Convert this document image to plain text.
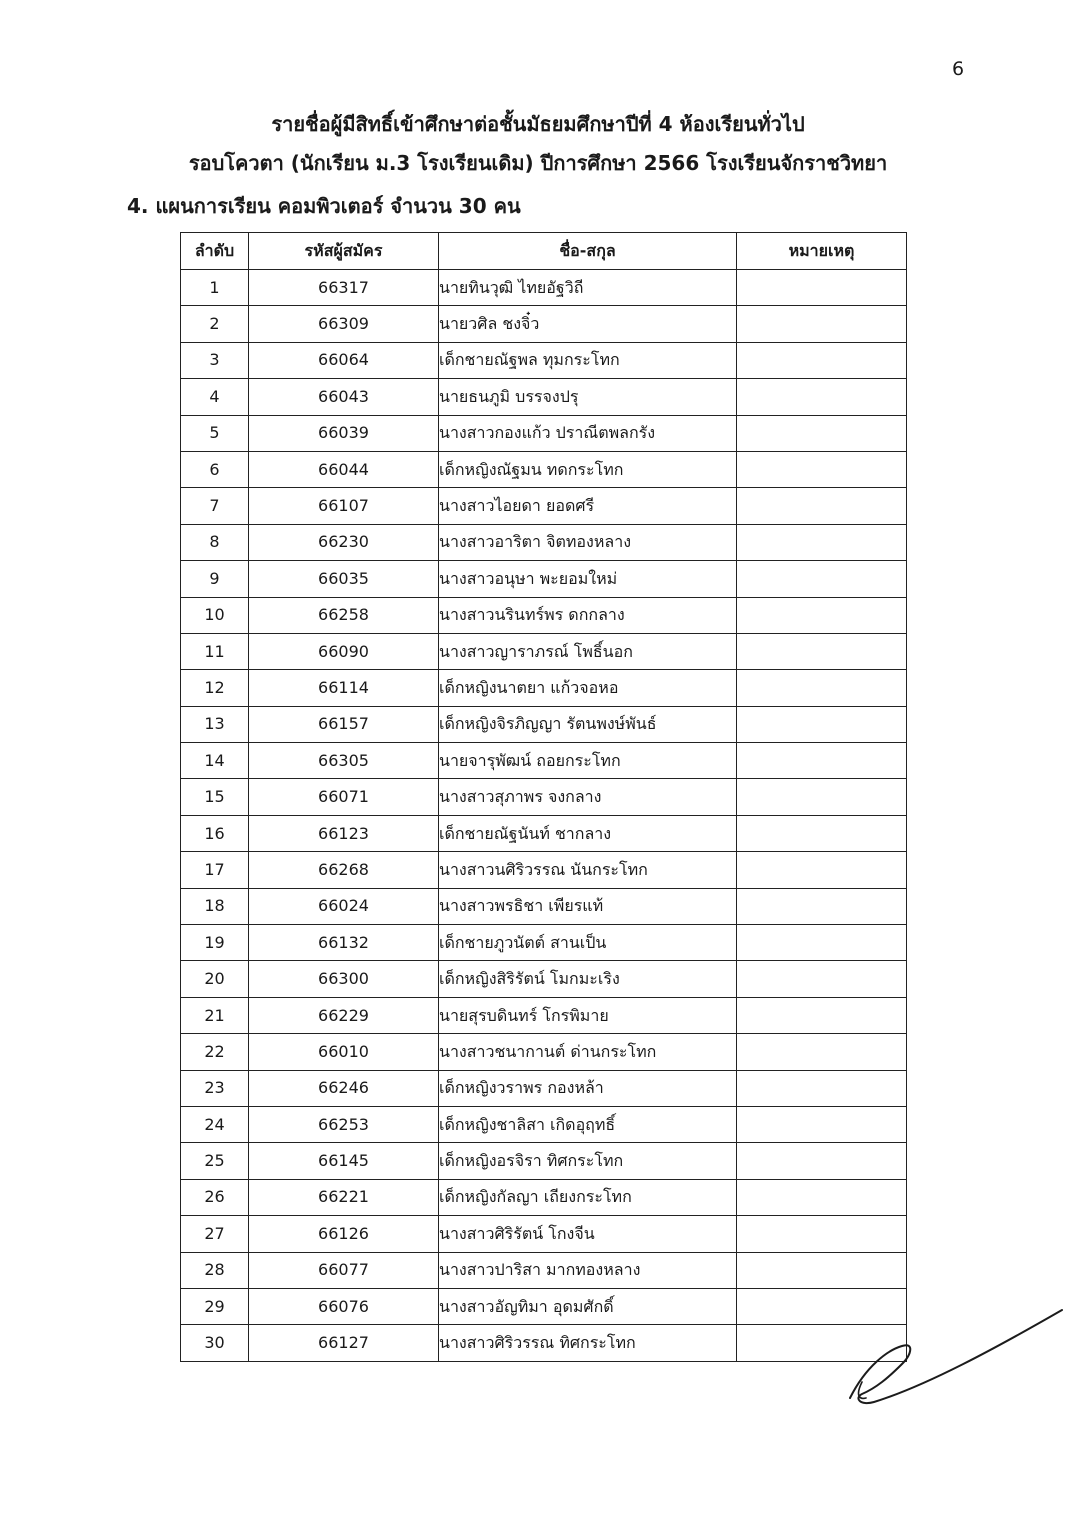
6
รายชื่อผู้มีสิทธิ์เข้าศึกษาต่อชั้นมัธยมศึกษาปีที่ 4 ห้องเรียนทั่วไป
รอบโควตา (นักเรียน ม.3 โรงเรียนเดิม) ปีการศึกษา 2566 โรงเรียนจักราชวิทยา
4. แผนการเรียน คอมพิวเตอร์ จำนวน 30 คน
ลำดับ	รหัสผู้สมัคร	ชื่อ-สกุล	หมายเหตุ
1	66317	นายทินวุฒิ ไทยอัฐวิถี	
2	66309	นายวศิล ชงจิ๋ว	
3	66064	เด็กชายณัฐพล ทุมกระโทก	
4	66043	นายธนภูมิ บรรจงปรุ	
5	66039	นางสาวกองแก้ว ปราณีตพลกรัง	
6	66044	เด็กหญิงณัฐมน ทดกระโทก	
7	66107	นางสาวไอยดา ยอดศรี	
8	66230	นางสาวอาริตา จิตทองหลาง	
9	66035	นางสาวอนุษา พะยอมใหม่	
10	66258	นางสาวนรินทร์พร ดกกลาง	
11	66090	นางสาวญาราภรณ์ โพธิ์นอก	
12	66114	เด็กหญิงนาตยา แก้วจอหอ	
13	66157	เด็กหญิงจิรภิญญา รัตนพงษ์พันธ์	
14	66305	นายจารุพัฒน์ ถอยกระโทก	
15	66071	นางสาวสุภาพร จงกลาง	
16	66123	เด็กชายณัฐนันท์ ชากลาง	
17	66268	นางสาวนศิริวรรณ นันกระโทก	
18	66024	นางสาวพรธิชา เพียรแท้	
19	66132	เด็กชายภูวนัตต์ สานเป็น	
20	66300	เด็กหญิงสิริรัตน์ โมกมะเริง	
21	66229	นายสุรบดินทร์ โกรพิมาย	
22	66010	นางสาวชนากานต์ ด่านกระโทก	
23	66246	เด็กหญิงวราพร กองหล้า	
24	66253	เด็กหญิงชาลิสา เกิดอุฤทธิ์	
25	66145	เด็กหญิงอรจิรา ทิศกระโทก	
26	66221	เด็กหญิงกัลญา เถียงกระโทก	
27	66126	นางสาวศิริรัตน์ โกงจีน	
28	66077	นางสาวปาริสา มากทองหลาง	
29	66076	นางสาวอัญทิมา อุดมศักดิ์	
30	66127	นางสาวศิริวรรณ ทิศกระโทก	
